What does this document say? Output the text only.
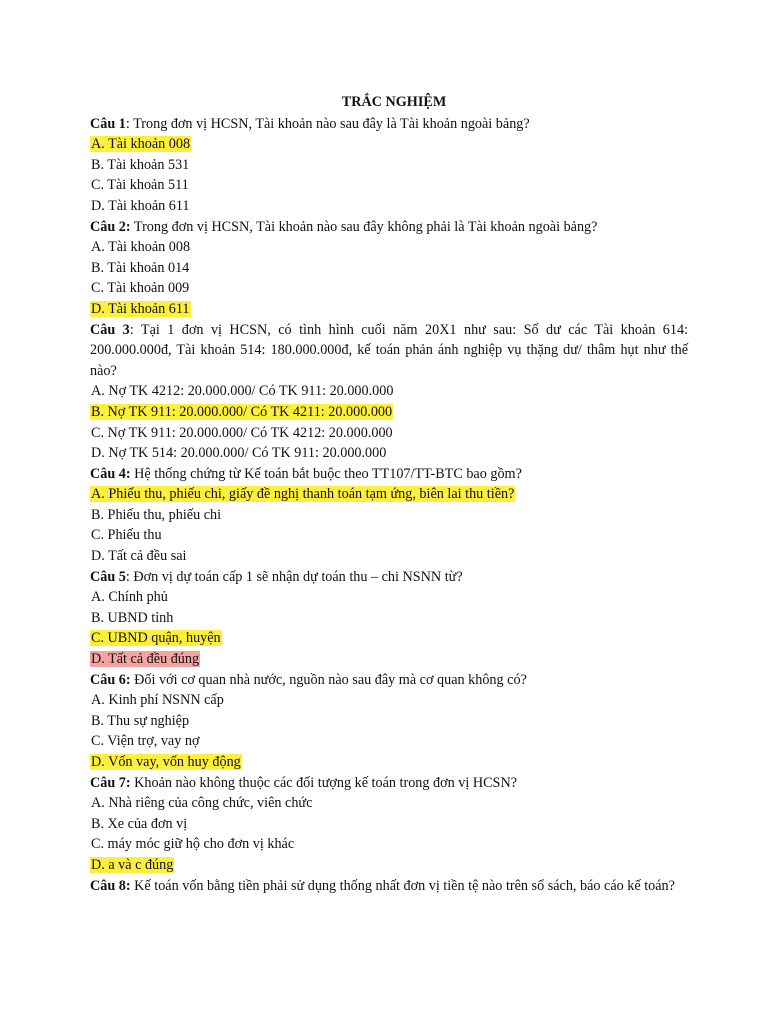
TRẮC NGHIỆM

Câu 1: Trong đơn vị HCSN, Tài khoản nào sau đây là Tài khoản ngoài bảng?

A. Tài khoản 008

B. Tài khoản 531

C. Tài khoản 511

D. Tài khoản 611

Câu 2: Trong đơn vị HCSN, Tài khoản nào sau đây không phải là Tài khoản ngoài bảng?

A. Tài khoản 008

B. Tài khoản 014

C. Tài khoản 009

D. Tài khoản 611

Câu 3: Tại 1 đơn vị HCSN, có tình hình cuối năm 20X1 như sau: Số dư các Tài khoản 614: 200.000.000đ, Tài khoản 514: 180.000.000đ, kế toán phản ánh nghiệp vụ thặng dư/ thâm hụt như thế nào?

A. Nợ TK 4212: 20.000.000/ Có TK 911: 20.000.000

B. Nợ TK 911: 20.000.000/ Có TK 4211: 20.000.000

C. Nợ TK 911: 20.000.000/ Có TK 4212: 20.000.000

D. Nợ TK 514: 20.000.000/ Có TK 911: 20.000.000

Câu 4: Hệ thống chứng từ Kế toán bắt buộc theo TT107/TT-BTC bao gồm?

A. Phiếu thu, phiếu chi, giấy đề nghị thanh toán tạm ứng, biên lai thu tiền?

B. Phiếu thu, phiếu chi

C. Phiếu thu

D. Tất cả đều sai

Câu 5: Đơn vị dự toán cấp 1 sẽ nhận dự toán thu – chi NSNN từ?

A. Chính phủ

B. UBND tỉnh

C. UBND quận, huyện

D. Tất cả đều đúng

Câu 6: Đối với cơ quan nhà nước, nguồn nào sau đây mà cơ quan không có?

A. Kinh phí NSNN cấp

B. Thu sự nghiệp

C. Viện trợ, vay nợ

D. Vốn vay, vốn huy động

Câu 7: Khoản nào không thuộc các đối tượng kế toán trong đơn vị HCSN?

A. Nhà riêng của công chức, viên chức

B. Xe của đơn vị

C. máy móc giữ hộ cho đơn vị khác

D. a và c đúng

Câu 8: Kế toán vốn bằng tiền phải sử dụng thống nhất đơn vị tiền tệ nào trên sổ sách, báo cáo kế toán?
